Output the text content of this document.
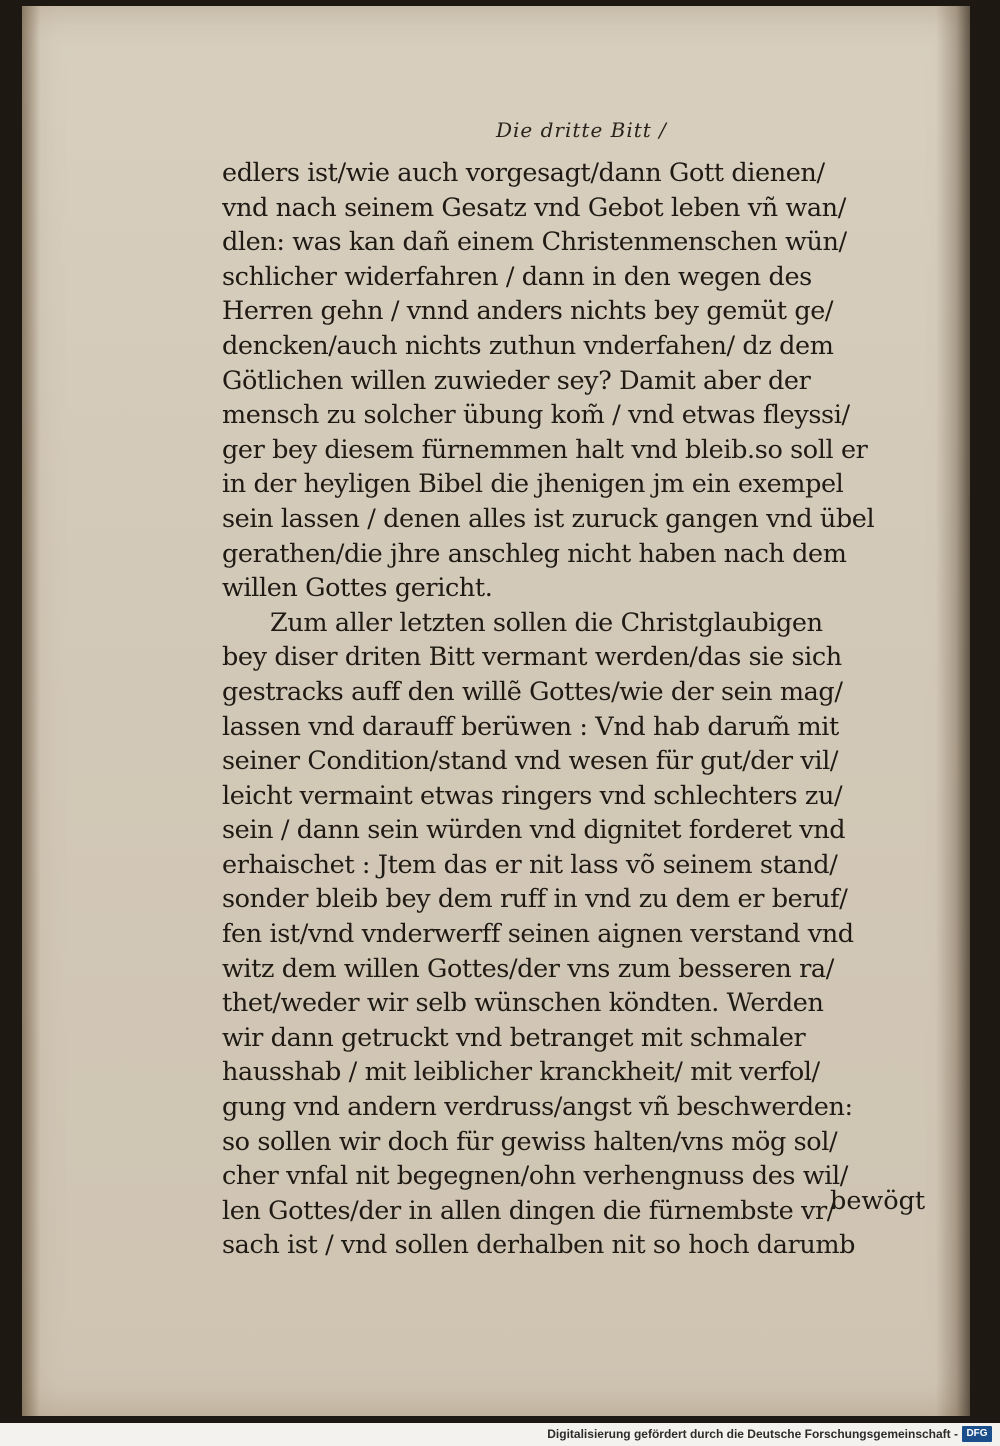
Die dritte Bitt /
edlers ist/wie auch vorgesagt/dann Gott dienen/
vnd nach seinem Gesatz vnd Gebot leben vñ wan/
dlen: was kan dañ einem Christenmenschen wün/
schlicher widerfahren / dann in den wegen des
Herren gehn / vnnd anders nichts bey gemüt ge/
dencken/auch nichts zuthun vnderfahen/ dz dem
Götlichen willen zuwieder sey? Damit aber der
mensch zu solcher übung kom̃ / vnd etwas fleyssi/
ger bey diesem fürnemmen halt vnd bleib.so soll er
in der heyligen Bibel die jhenigen jm ein exempel
sein lassen / denen alles ist zuruck gangen vnd übel
gerathen/die jhre anschleg nicht haben nach dem
willen Gottes gericht.
Zum aller letzten sollen die Christglaubigen
bey diser driten Bitt vermant werden/das sie sich
gestracks auff den willẽ Gottes/wie der sein mag/
lassen vnd darauff berüwen : Vnd hab darum̃ mit
seiner Condition/stand vnd wesen für gut/der vil/
leicht vermaint etwas ringers vnd schlechters zu/
sein / dann sein würden vnd dignitet forderet vnd
erhaischet : Jtem das er nit lass võ seinem stand/
sonder bleib bey dem ruff in vnd zu dem er beruf/
fen ist/vnd vnderwerff seinen aignen verstand vnd
witz dem willen Gottes/der vns zum besseren ra/
thet/weder wir selb wünschen köndten. Werden
wir dann getruckt vnd betranget mit schmaler
hausshab / mit leiblicher kranckheit/ mit verfol/
gung vnd andern verdruss/angst vñ beschwerden:
so sollen wir doch für gewiss halten/vns mög sol/
cher vnfal nit begegnen/ohn verhengnuss des wil/
len Gottes/der in allen dingen die fürnembste vr/
sach ist / vnd sollen derhalben nit so hoch darumb
bewögt
Digitalisierung gefördert durch die Deutsche Forschungsgemeinschaft - DFG
